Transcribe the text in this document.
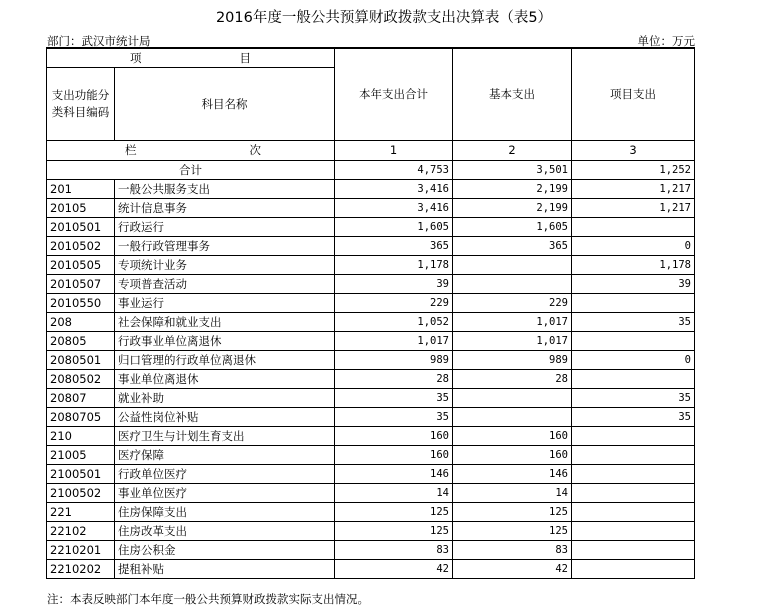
2016年度一般公共预算财政拨款支出决算表（表5）
部门：武汉市统计局	单位：万元
项 目		本年支出合计	基本支出	项目支出
支出功能分类科目编码	科目名称			

栏 次		1	2	3
合计		4,753	3,501	1,252
201	一般公共服务支出	3,416	2,199	1,217
20105	统计信息事务	3,416	2,199	1,217
2010501	行政运行	1,605	1,605	
2010502	一般行政管理事务	365	365	0
2010505	专项统计业务	1,178		1,178
2010507	专项普查活动	39		39
2010550	事业运行	229	229	
208	社会保障和就业支出	1,052	1,017	35
20805	行政事业单位离退休	1,017	1,017	
2080501	归口管理的行政单位离退休	989	989	0
2080502	事业单位离退休	28	28	
20807	就业补助	35		35
2080705	公益性岗位补贴	35		35
210	医疗卫生与计划生育支出	160	160	
21005	医疗保障	160	160	
2100501	行政单位医疗	146	146	
2100502	事业单位医疗	14	14	
221	住房保障支出	125	125	
22102	住房改革支出	125	125	
2210201	住房公积金	83	83	
2210202	提租补贴	42	42	
注：本表反映部门本年度一般公共预算财政拨款实际支出情况。
